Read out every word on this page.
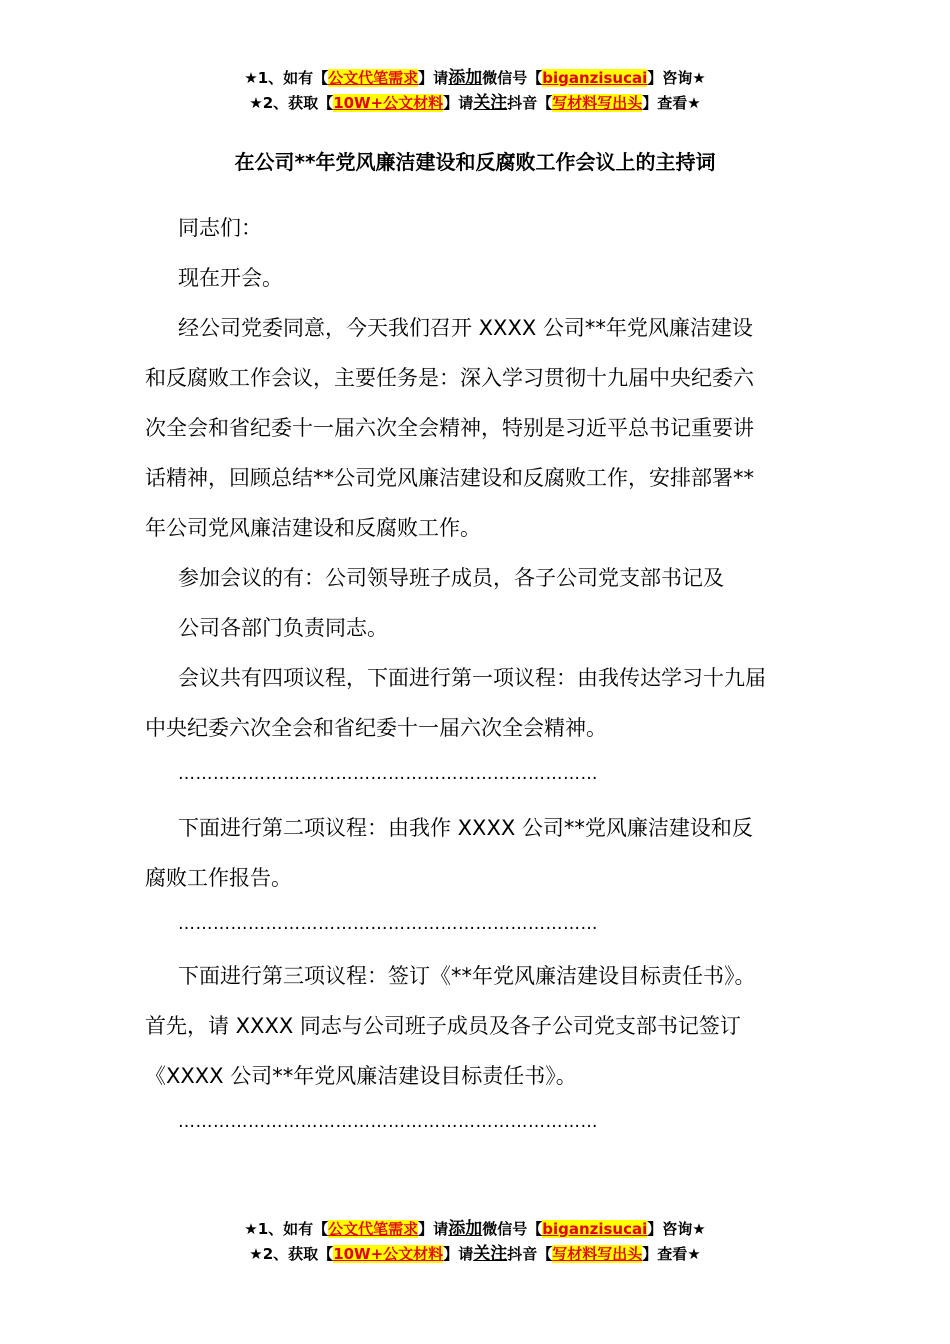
★1、如有【公文代笔需求】请添加微信号【biganzisucai】咨询★
★2、获取【10W+公文材料】请关注抖音【写材料写出头】查看★
在公司**年党风廉洁建设和反腐败工作会议上的主持词
同志们：
现在开会。
经公司党委同意，今天我们召开 XXXX 公司**年党风廉洁建设
和反腐败工作会议，主要任务是：深入学习贯彻十九届中央纪委六
次全会和省纪委十一届六次全会精神，特别是习近平总书记重要讲
话精神，回顾总结**公司党风廉洁建设和反腐败工作，安排部署**
年公司党风廉洁建设和反腐败工作。
参加会议的有：公司领导班子成员，各子公司党支部书记及
公司各部门负责同志。
会议共有四项议程，下面进行第一项议程：由我传达学习十九届
中央纪委六次全会和省纪委十一届六次全会精神。
………………………………………………………………
下面进行第二项议程：由我作 XXXX 公司**党风廉洁建设和反
腐败工作报告。
………………………………………………………………
下面进行第三项议程：签订《**年党风廉洁建设目标责任书》。
首先，请 XXXX 同志与公司班子成员及各子公司党支部书记签订
《XXXX 公司**年党风廉洁建设目标责任书》。
………………………………………………………………
★1、如有【公文代笔需求】请添加微信号【biganzisucai】咨询★
★2、获取【10W+公文材料】请关注抖音【写材料写出头】查看★
